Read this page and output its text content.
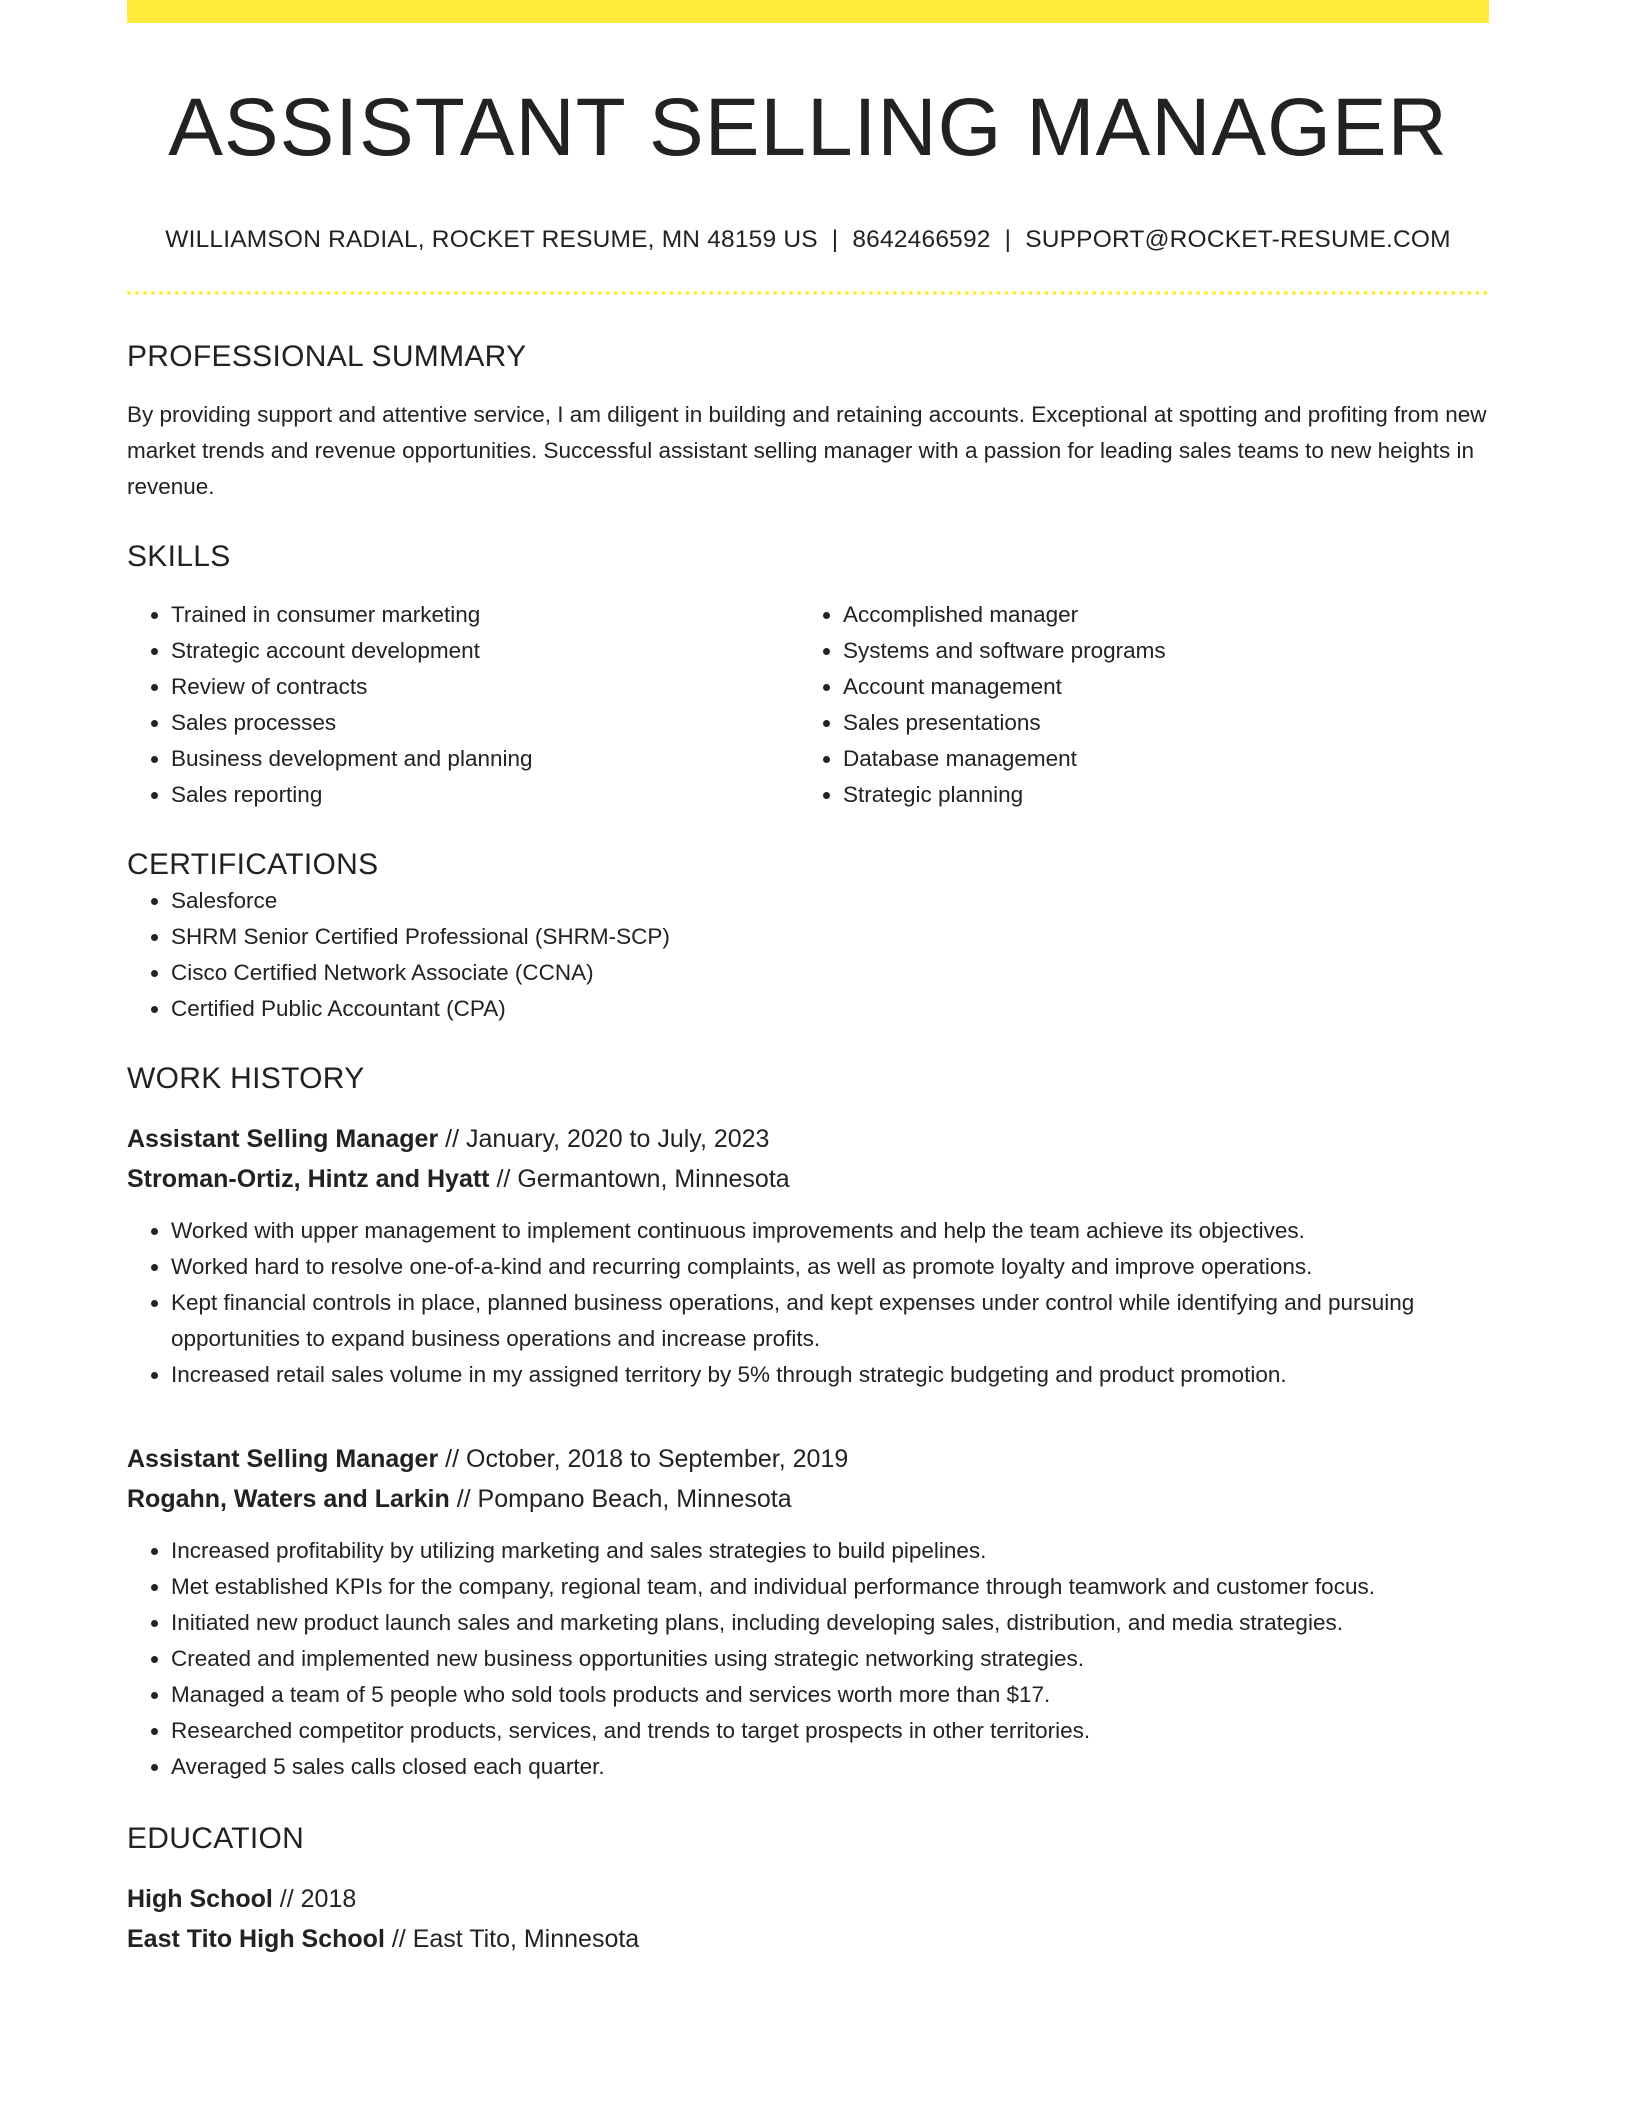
ASSISTANT SELLING MANAGER
WILLIAMSON RADIAL, ROCKET RESUME, MN 48159 US | 8642466592 | SUPPORT@ROCKET-RESUME.COM
PROFESSIONAL SUMMARY

By providing support and attentive service, I am diligent in building and retaining accounts. Exceptional at spotting and profiting from new market trends and revenue opportunities. Successful assistant selling manager with a passion for leading sales teams to new heights in revenue.

SKILLS
• Trained in consumer marketing
• Strategic account development
• Review of contracts
• Sales processes
• Business development and planning
• Sales reporting
• Accomplished manager
• Systems and software programs
• Account management
• Sales presentations
• Database management
• Strategic planning
CERTIFICATIONS
• Salesforce
• SHRM Senior Certified Professional (SHRM-SCP)
• Cisco Certified Network Associate (CCNA)
• Certified Public Accountant (CPA)
WORK HISTORY
Assistant Selling Manager // January, 2020 to July, 2023
Stroman-Ortiz, Hintz and Hyatt // Germantown, Minnesota
• Worked with upper management to implement continuous improvements and help the team achieve its objectives.
• Worked hard to resolve one-of-a-kind and recurring complaints, as well as promote loyalty and improve operations.
• Kept financial controls in place, planned business operations, and kept expenses under control while identifying and pursuing opportunities to expand business operations and increase profits.
• Increased retail sales volume in my assigned territory by 5% through strategic budgeting and product promotion.
Assistant Selling Manager // October, 2018 to September, 2019
Rogahn, Waters and Larkin // Pompano Beach, Minnesota
• Increased profitability by utilizing marketing and sales strategies to build pipelines.
• Met established KPIs for the company, regional team, and individual performance through teamwork and customer focus.
• Initiated new product launch sales and marketing plans, including developing sales, distribution, and media strategies.
• Created and implemented new business opportunities using strategic networking strategies.
• Managed a team of 5 people who sold tools products and services worth more than $17.
• Researched competitor products, services, and trends to target prospects in other territories.
• Averaged 5 sales calls closed each quarter.
EDUCATION
High School // 2018
East Tito High School // East Tito, Minnesota
